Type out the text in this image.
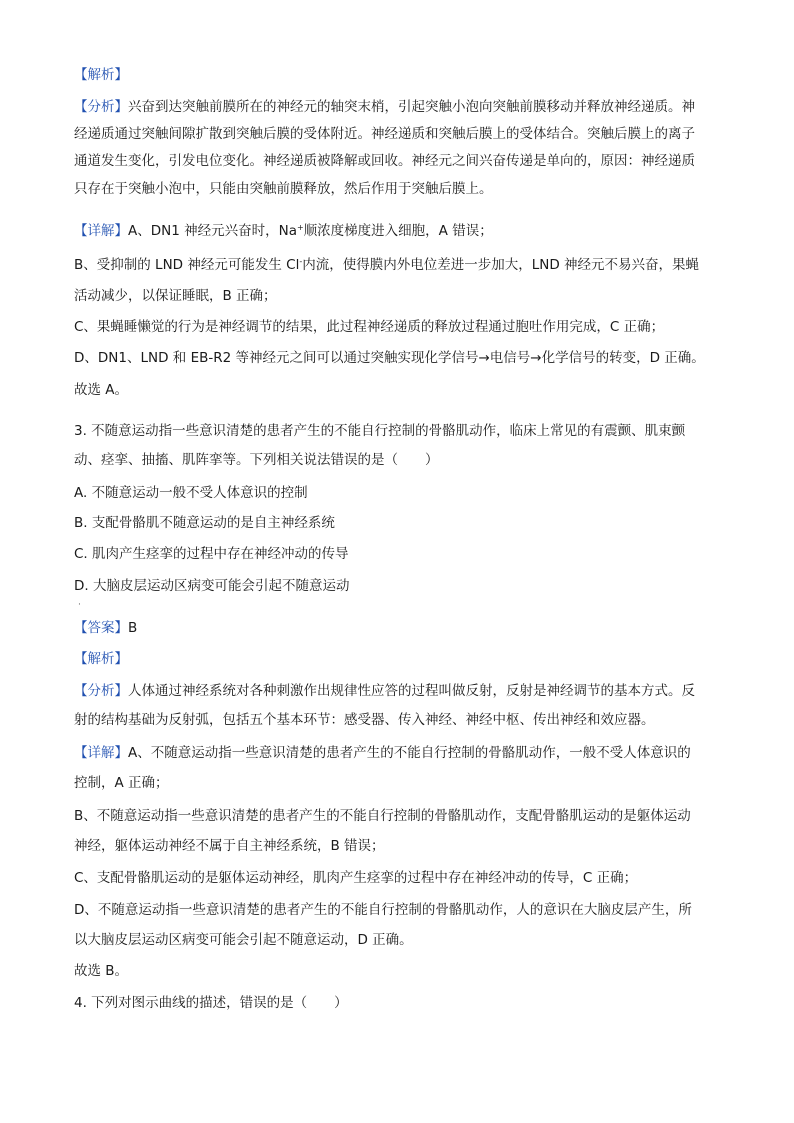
【解析】
【分析】兴奋到达突触前膜所在的神经元的轴突末梢，引起突触小泡向突触前膜移动并释放神经递质。神
经递质通过突触间隙扩散到突触后膜的受体附近。神经递质和突触后膜上的受体结合。突触后膜上的离子
通道发生变化，引发电位变化。神经递质被降解或回收。神经元之间兴奋传递是单向的，原因：神经递质
只存在于突触小泡中，只能由突触前膜释放，然后作用于突触后膜上。
【详解】A、DN1 神经元兴奋时，Na+顺浓度梯度进入细胞，A 错误；
B、受抑制的 LND 神经元可能发生 Cl-内流，使得膜内外电位差进一步加大，LND 神经元不易兴奋，果蝇
活动减少，以保证睡眠，B 正确；
C、果蝇睡懒觉的行为是神经调节的结果，此过程神经递质的释放过程通过胞吐作用完成，C 正确；
D、DN1、LND 和 EB-R2 等神经元之间可以通过突触实现化学信号→电信号→化学信号的转变，D 正确。
故选 A。
3. 不随意运动指一些意识清楚的患者产生的不能自行控制的骨骼肌动作，临床上常见的有震颤、肌束颤
动、痉挛、抽搐、肌阵挛等。下列相关说法错误的是（　　）
A. 不随意运动一般不受人体意识的控制
B. 支配骨骼肌不随意运动的是自主神经系统
C. 肌肉产生痉挛的过程中存在神经冲动的传导
D. 大脑皮层运动区病变可能会引起不随意运动
·
【答案】B
【解析】
【分析】人体通过神经系统对各种刺激作出规律性应答的过程叫做反射，反射是神经调节的基本方式。反
射的结构基础为反射弧，包括五个基本环节：感受器、传入神经、神经中枢、传出神经和效应器。
【详解】A、不随意运动指一些意识清楚的患者产生的不能自行控制的骨骼肌动作，一般不受人体意识的
控制，A 正确；
B、不随意运动指一些意识清楚的患者产生的不能自行控制的骨骼肌动作，支配骨骼肌运动的是躯体运动
神经，躯体运动神经不属于自主神经系统，B 错误；
C、支配骨骼肌运动的是躯体运动神经，肌肉产生痉挛的过程中存在神经冲动的传导，C 正确；
D、不随意运动指一些意识清楚的患者产生的不能自行控制的骨骼肌动作，人的意识在大脑皮层产生，所
以大脑皮层运动区病变可能会引起不随意运动，D 正确。
故选 B。
4. 下列对图示曲线的描述，错误的是（　　）
